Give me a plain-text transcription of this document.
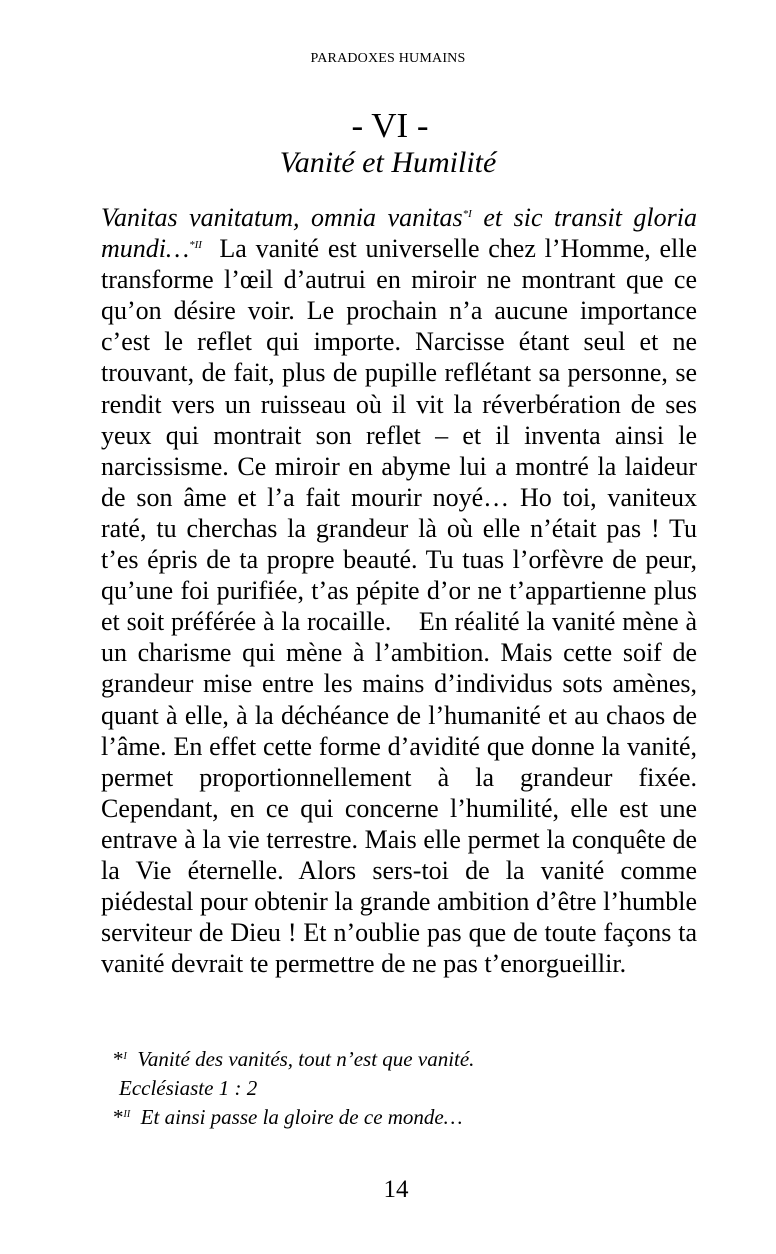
PARADOXES HUMAINS
- VI -
Vanité et Humilité
Vanitas vanitatum, omnia vanitas$^{*I}$ et sic transit gloria mundi…$^{*II}$ La vanité est universelle chez l’Homme, elle transforme l’œil d’autrui en miroir ne montrant que ce qu’on désire voir. Le prochain n’a aucune importance c’est le reflet qui importe. Narcisse étant seul et ne trouvant, de fait, plus de pupille reflétant sa personne, se rendit vers un ruisseau où il vit la réverbération de ses yeux qui montrait son reflet – et il inventa ainsi le narcissisme. Ce miroir en abyme lui a montré la laideur de son âme et l’a fait mourir noyé… Ho toi, vaniteux raté, tu cherchas la grandeur là où elle n’était pas ! Tu t’es épris de ta propre beauté. Tu tuas l’orfèvre de peur, qu’une foi purifiée, t’as pépite d’or ne t’appartienne plus et soit préférée à la rocaille. En réalité la vanité mène à un charisme qui mène à l’ambition. Mais cette soif de grandeur mise entre les mains d’individus sots amènes, quant à elle, à la déchéance de l’humanité et au chaos de l’âme. En effet cette forme d’avidité que donne la vanité, permet proportionnellement à la grandeur fixée. Cependant, en ce qui concerne l’humilité, elle est une entrave à la vie terrestre. Mais elle permet la conquête de la Vie éternelle. Alors sers-toi de la vanité comme piédestal pour obtenir la grande ambition d’être l’humble serviteur de Dieu ! Et n’oublie pas que de toute façons ta vanité devrait te permettre de ne pas t’enorgueillir.
*$^I$ Vanité des vanités, tout n’est que vanité.
Ecclésiaste 1 : 2
*$^{II}$ Et ainsi passe la gloire de ce monde…
14
